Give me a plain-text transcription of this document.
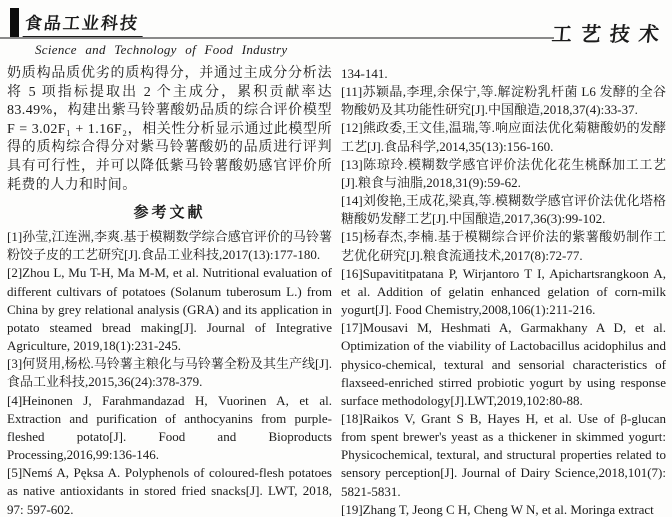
食品工业科技
Science and Technology of Food Industry
工艺技术

奶质构品质优劣的质构得分，并通过主成分分析法将 5 项指标提取出 2 个主成分，累积贡献率达83.49%，构建出紫马铃薯酸奶品质的综合评价模型F = 3.02F₁ + 1.16F₂，相关性分析显示通过此模型所得的质构综合得分对紫马铃薯酸奶的品质进行评判具有可行性，并可以降低紫马铃薯酸奶感官评价所耗费的人力和时间。

参考文献

[1]孙莹,江连洲,李爽.基于模糊数学综合感官评价的马铃薯粉饺子皮的工艺研究[J].食品工业科技,2017(13):177-180.

[2]Zhou L, Mu T-H, Ma M-M, et al. Nutritional evaluation of different cultivars of potatoes (Solanum tuberosum L.) from China by grey relational analysis (GRA) and its application in potato steamed bread making[J]. Journal of Integrative Agriculture, 2019,18(1):231-245.

[3]何贤用,杨松.马铃薯主粮化与马铃薯全粉及其生产线[J].食品工业科技,2015,36(24):378-379.

[4]Heinonen J, Farahmandazad H, Vuorinen A, et al. Extraction and purification of anthocyanins from purple-fleshed potato[J]. Food and Bioproducts Processing,2016,99:136-146.

[5]Nemś A, Pęksa A. Polyphenols of coloured-flesh potatoes as native antioxidants in stored fried snacks[J]. LWT, 2018, 97: 597-602.

134-141.

[11]苏颖晶,李理,余保宁,等.解淀粉乳杆菌 L6 发酵的全谷物酸奶及其功能性研究[J].中国酿造,2018,37(4):33-37.

[12]熊政委,王文佳,温瑞,等.响应面法优化菊糖酸奶的发酵工艺[J].食品科学,2014,35(13):156-160.

[13]陈琼玲.模糊数学感官评价法优化花生桃酥加工工艺[J].粮食与油脂,2018,31(9):59-62.

[14]刘俊艳,王成花,梁真,等.模糊数学感官评价法优化塔格糖酸奶发酵工艺[J].中国酿造,2017,36(3):99-102.

[15]杨春杰,李楠.基于模糊综合评价法的紫薯酸奶制作工艺优化研究[J].粮食流通技术,2017(8):72-77.

[16]Supavititpatana P, Wirjantoro T I, Apichartsrangkoon A, et al. Addition of gelatin enhanced gelation of corn-milk yogurt[J]. Food Chemistry,2008,106(1):211-216.

[17]Mousavi M, Heshmati A, Garmakhany A D, et al. Optimization of the viability of Lactobacillus acidophilus and physico-chemical, textural and sensorial characteristics of flaxseed-enriched stirred probiotic yogurt by using response surface methodology[J].LWT,2019,102:80-88.

[18]Raikos V, Grant S B, Hayes H, et al. Use of β-glucan from spent brewer's yeast as a thickener in skimmed yogurt: Physicochemical, textural, and structural properties related to sensory perception[J]. Journal of Dairy Science,2018,101(7): 5821-5831.

[19]Zhang T, Jeong C H, Cheng W N, et al. Moringa extract
